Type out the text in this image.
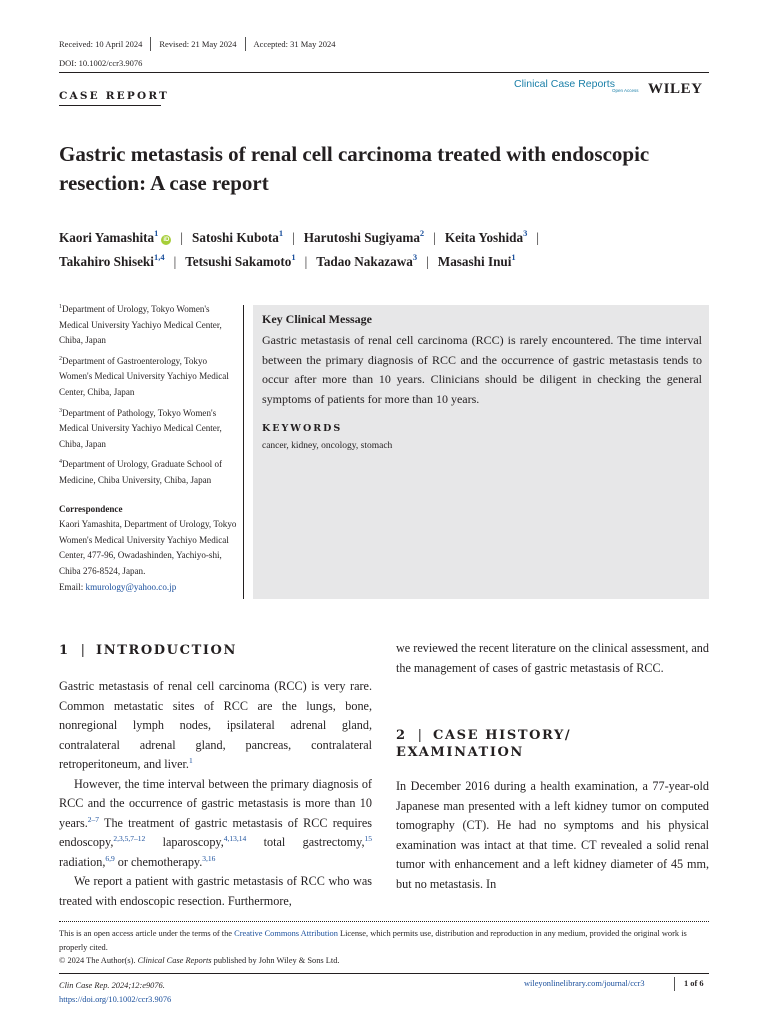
Received: 10 April 2024 Revised: 21 May 2024 Accepted: 31 May 2024
DOI: 10.1002/ccr3.9076
CASE REPORT
Clinical Case Reports
Open Access WILEY
Gastric metastasis of renal cell carcinoma treated with endoscopic resection: A case report
Kaori Yamashita$^1$iD | Satoshi Kubota$^1$ | Harutoshi Sugiyama$^2$ | Keita Yoshida$^3$ |
Takahiro Shiseki$^{1,4}$ | Tetsushi Sakamoto$^1$ | Tadao Nakazawa$^3$ | Masashi Inui$^1$

$^1$Department of Urology, Tokyo Women's Medical University Yachiyo Medical Center, Chiba, Japan

$^2$Department of Gastroenterology, Tokyo Women's Medical University Yachiyo Medical Center, Chiba, Japan

$^3$Department of Pathology, Tokyo Women's Medical University Yachiyo Medical Center, Chiba, Japan

$^4$Department of Urology, Graduate School of Medicine, Chiba University, Chiba, Japan

Correspondence

Kaori Yamashita, Department of Urology, Tokyo Women's Medical University Yachiyo Medical Center, 477-96, Owadashinden, Yachiyo-shi, Chiba 276-8524, Japan.

Email: kmurology@yahoo.co.jp

Key Clinical Message
Gastric metastasis of renal cell carcinoma (RCC) is rarely encountered. The time interval between the primary diagnosis of RCC and the occurrence of gastric metastasis tends to occur after more than 10 years. Clinicians should be diligent in checking the general symptoms of patients for more than 10 years.
KEYWORDS
cancer, kidney, oncology, stomach
1 | INTRODUCTION

Gastric metastasis of renal cell carcinoma (RCC) is very rare. Common metastatic sites of RCC are the lungs, bone, nonregional lymph nodes, ipsilateral adrenal gland, contralateral adrenal gland, pancreas, contralateral retroperitoneum, and liver.$^1$

However, the time interval between the primary diagnosis of RCC and the occurrence of gastric metastasis is more than 10 years.$^{2-7}$ The treatment of gastric metastasis of RCC requires endoscopy,$^{2,3,5,7-12}$ laparoscopy,$^{4,13,14}$ total gastrectomy,$^{15}$ radiation,$^{6,9}$ or chemotherapy.$^{3,16}$

We report a patient with gastric metastasis of RCC who was treated with endoscopic resection. Furthermore,

we reviewed the recent literature on the clinical assessment, and the management of cases of gastric metastasis of RCC.

2 | CASE HISTORY/
EXAMINATION

In December 2016 during a health examination, a 77-year-old Japanese man presented with a left kidney tumor on computed tomography (CT). He had no symptoms and his physical examination was intact at that time. CT revealed a solid renal tumor with enhancement and a left kidney diameter of 45 mm, but no metastasis. In

This is an open access article under the terms of the Creative Commons Attribution License, which permits use, distribution and reproduction in any medium, provided the original work is properly cited.

© 2024 The Author(s). Clinical Case Reports published by John Wiley & Sons Ltd.

Clin Case Rep. 2024;12:e9076.
https://doi.org/10.1002/ccr3.9076
wileyonlinelibrary.com/journal/ccr3	1 of 6
